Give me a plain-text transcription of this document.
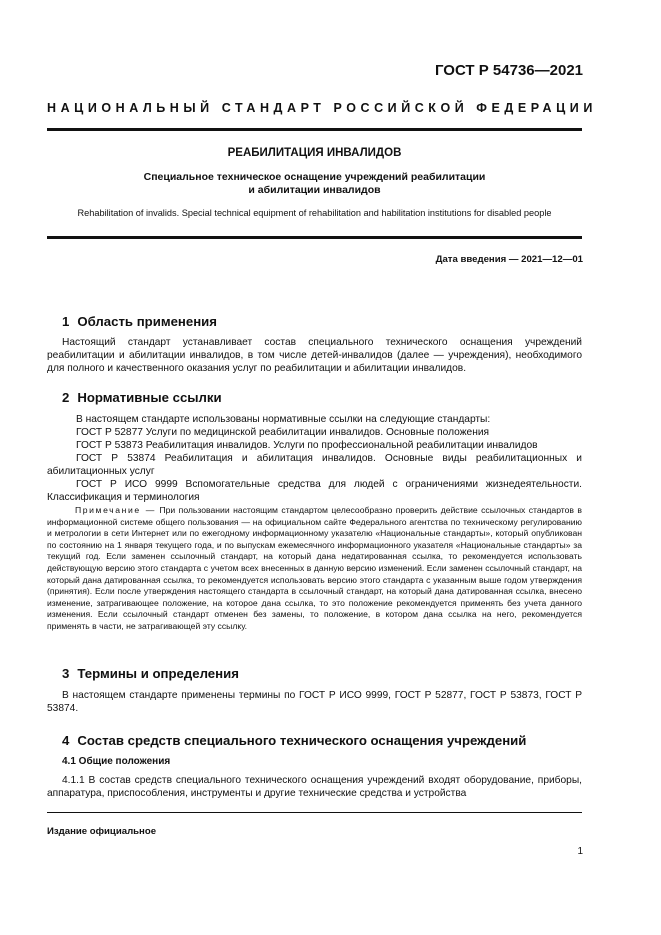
ГОСТ Р 54736—2021
НАЦИОНАЛЬНЫЙ СТАНДАРТ РОССИЙСКОЙ ФЕДЕРАЦИИ
РЕАБИЛИТАЦИЯ ИНВАЛИДОВ
Специальное техническое оснащение учреждений реабилитации
и абилитации инвалидов
Rehabilitation of invalids. Special technical equipment of rehabilitation and habilitation institutions for disabled people
Дата введения — 2021—12—01
1 Область применения
Настоящий стандарт устанавливает состав специального технического оснащения учреждений реабилитации и абилитации инвалидов, в том числе детей-инвалидов (далее — учреждения), необходимого для полного и качественного оказания услуг по реабилитации и абилитации инвалидов.
2 Нормативные ссылки
В настоящем стандарте использованы нормативные ссылки на следующие стандарты:
ГОСТ Р 52877 Услуги по медицинской реабилитации инвалидов. Основные положения
ГОСТ Р 53873 Реабилитация инвалидов. Услуги по профессиональной реабилитации инвалидов
ГОСТ Р 53874 Реабилитация и абилитация инвалидов. Основные виды реабилитационных и абилитационных услуг
ГОСТ Р ИСО 9999 Вспомогательные средства для людей с ограничениями жизнедеятельности. Классификация и терминология
Примечание — При пользовании настоящим стандартом целесообразно проверить действие ссылочных стандартов в информационной системе общего пользования — на официальном сайте Федерального агентства по техническому регулированию и метрологии в сети Интернет или по ежегодному информационному указателю «Национальные стандарты», который опубликован по состоянию на 1 января текущего года, и по выпускам ежемесячного информационного указателя «Национальные стандарты» за текущий год. Если заменен ссылочный стандарт, на который дана недатированная ссылка, то рекомендуется использовать действующую версию этого стандарта с учетом всех внесенных в данную версию изменений. Если заменен ссылочный стандарт, на который дана датированная ссылка, то рекомендуется использовать версию этого стандарта с указанным выше годом утверждения (принятия). Если после утверждения настоящего стандарта в ссылочный стандарт, на который дана датированная ссылка, внесено изменение, затрагивающее положение, на которое дана ссылка, то это положение рекомендуется применять без учета данного изменения. Если ссылочный стандарт отменен без замены, то положение, в котором дана ссылка на него, рекомендуется применять в части, не затрагивающей эту ссылку.
3 Термины и определения
В настоящем стандарте применены термины по ГОСТ Р ИСО 9999, ГОСТ Р 52877, ГОСТ Р 53873, ГОСТ Р 53874.
4 Состав средств специального технического оснащения учреждений
4.1 Общие положения
4.1.1 В состав средств специального технического оснащения учреждений входят оборудование, приборы, аппаратура, приспособления, инструменты и другие технические средства и устройства
Издание официальное
1
